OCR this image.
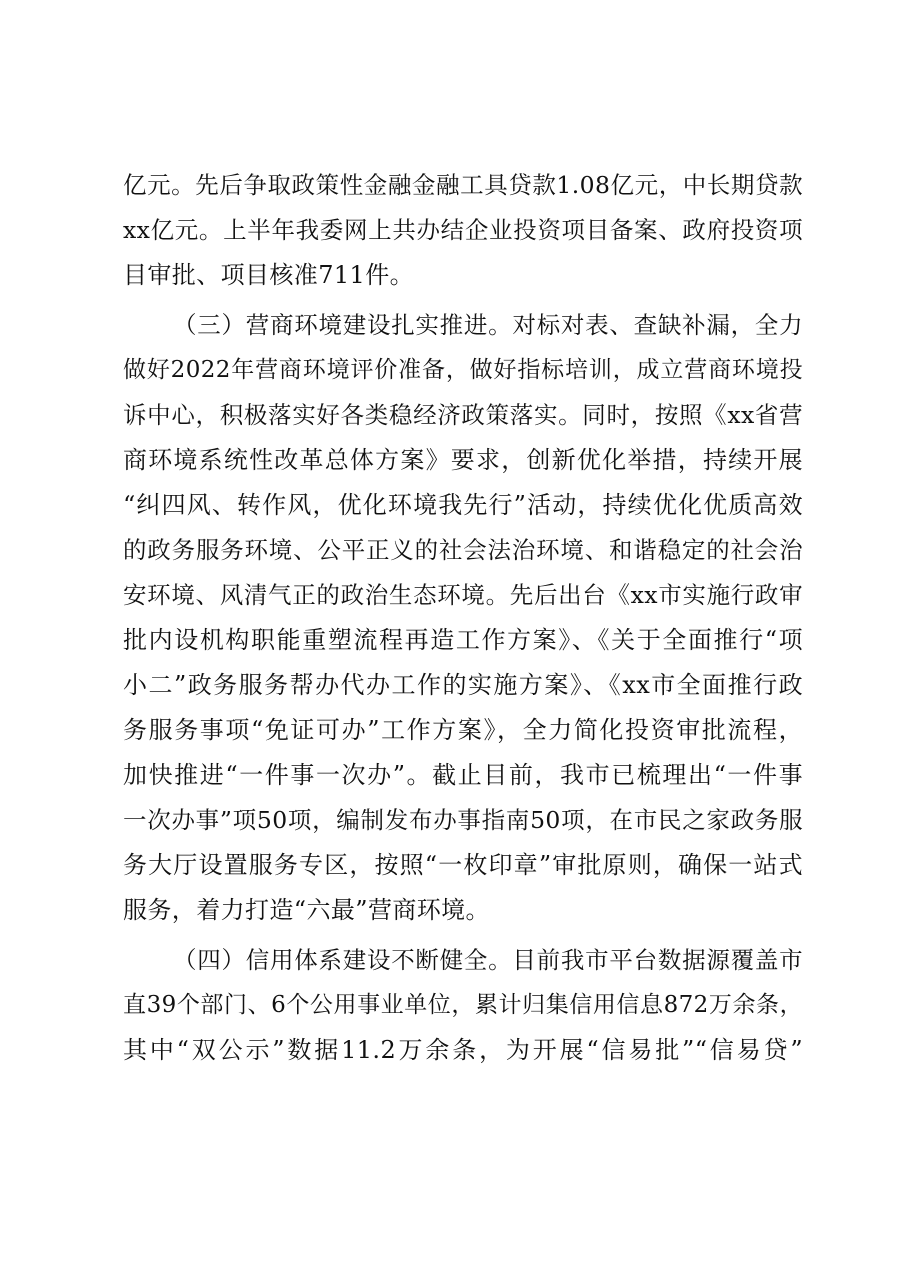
亿元。先后争取政策性金融金融工具贷款1.08亿元，中长期贷款
xx亿元。上半年我委网上共办结企业投资项目备案、政府投资项
目审批、项目核准711件。
（三）营商环境建设扎实推进。对标对表、查缺补漏，全力
做好2022年营商环境评价准备，做好指标培训，成立营商环境投
诉中心，积极落实好各类稳经济政策落实。同时，按照《xx省营
商环境系统性改革总体方案》要求，创新优化举措，持续开展
“纠四风、转作风，优化环境我先行”活动，持续优化优质高效
的政务服务环境、公平正义的社会法治环境、和谐稳定的社会治
安环境、风清气正的政治生态环境。先后出台《xx市实施行政审
批内设机构职能重塑流程再造工作方案》、《关于全面推行“项
小二”政务服务帮办代办工作的实施方案》、《xx市全面推行政
务服务事项“免证可办”工作方案》，全力简化投资审批流程，
加快推进“一件事一次办”。截止目前，我市已梳理出“一件事
一次办事”项50项，编制发布办事指南50项，在市民之家政务服
务大厅设置服务专区，按照“一枚印章”审批原则，确保一站式
服务，着力打造“六最”营商环境。
（四）信用体系建设不断健全。目前我市平台数据源覆盖市
直39个部门、6个公用事业单位，累计归集信用信息872万余条，
其中“双公示”数据11.2万余条，为开展“信易批”“信易贷”
